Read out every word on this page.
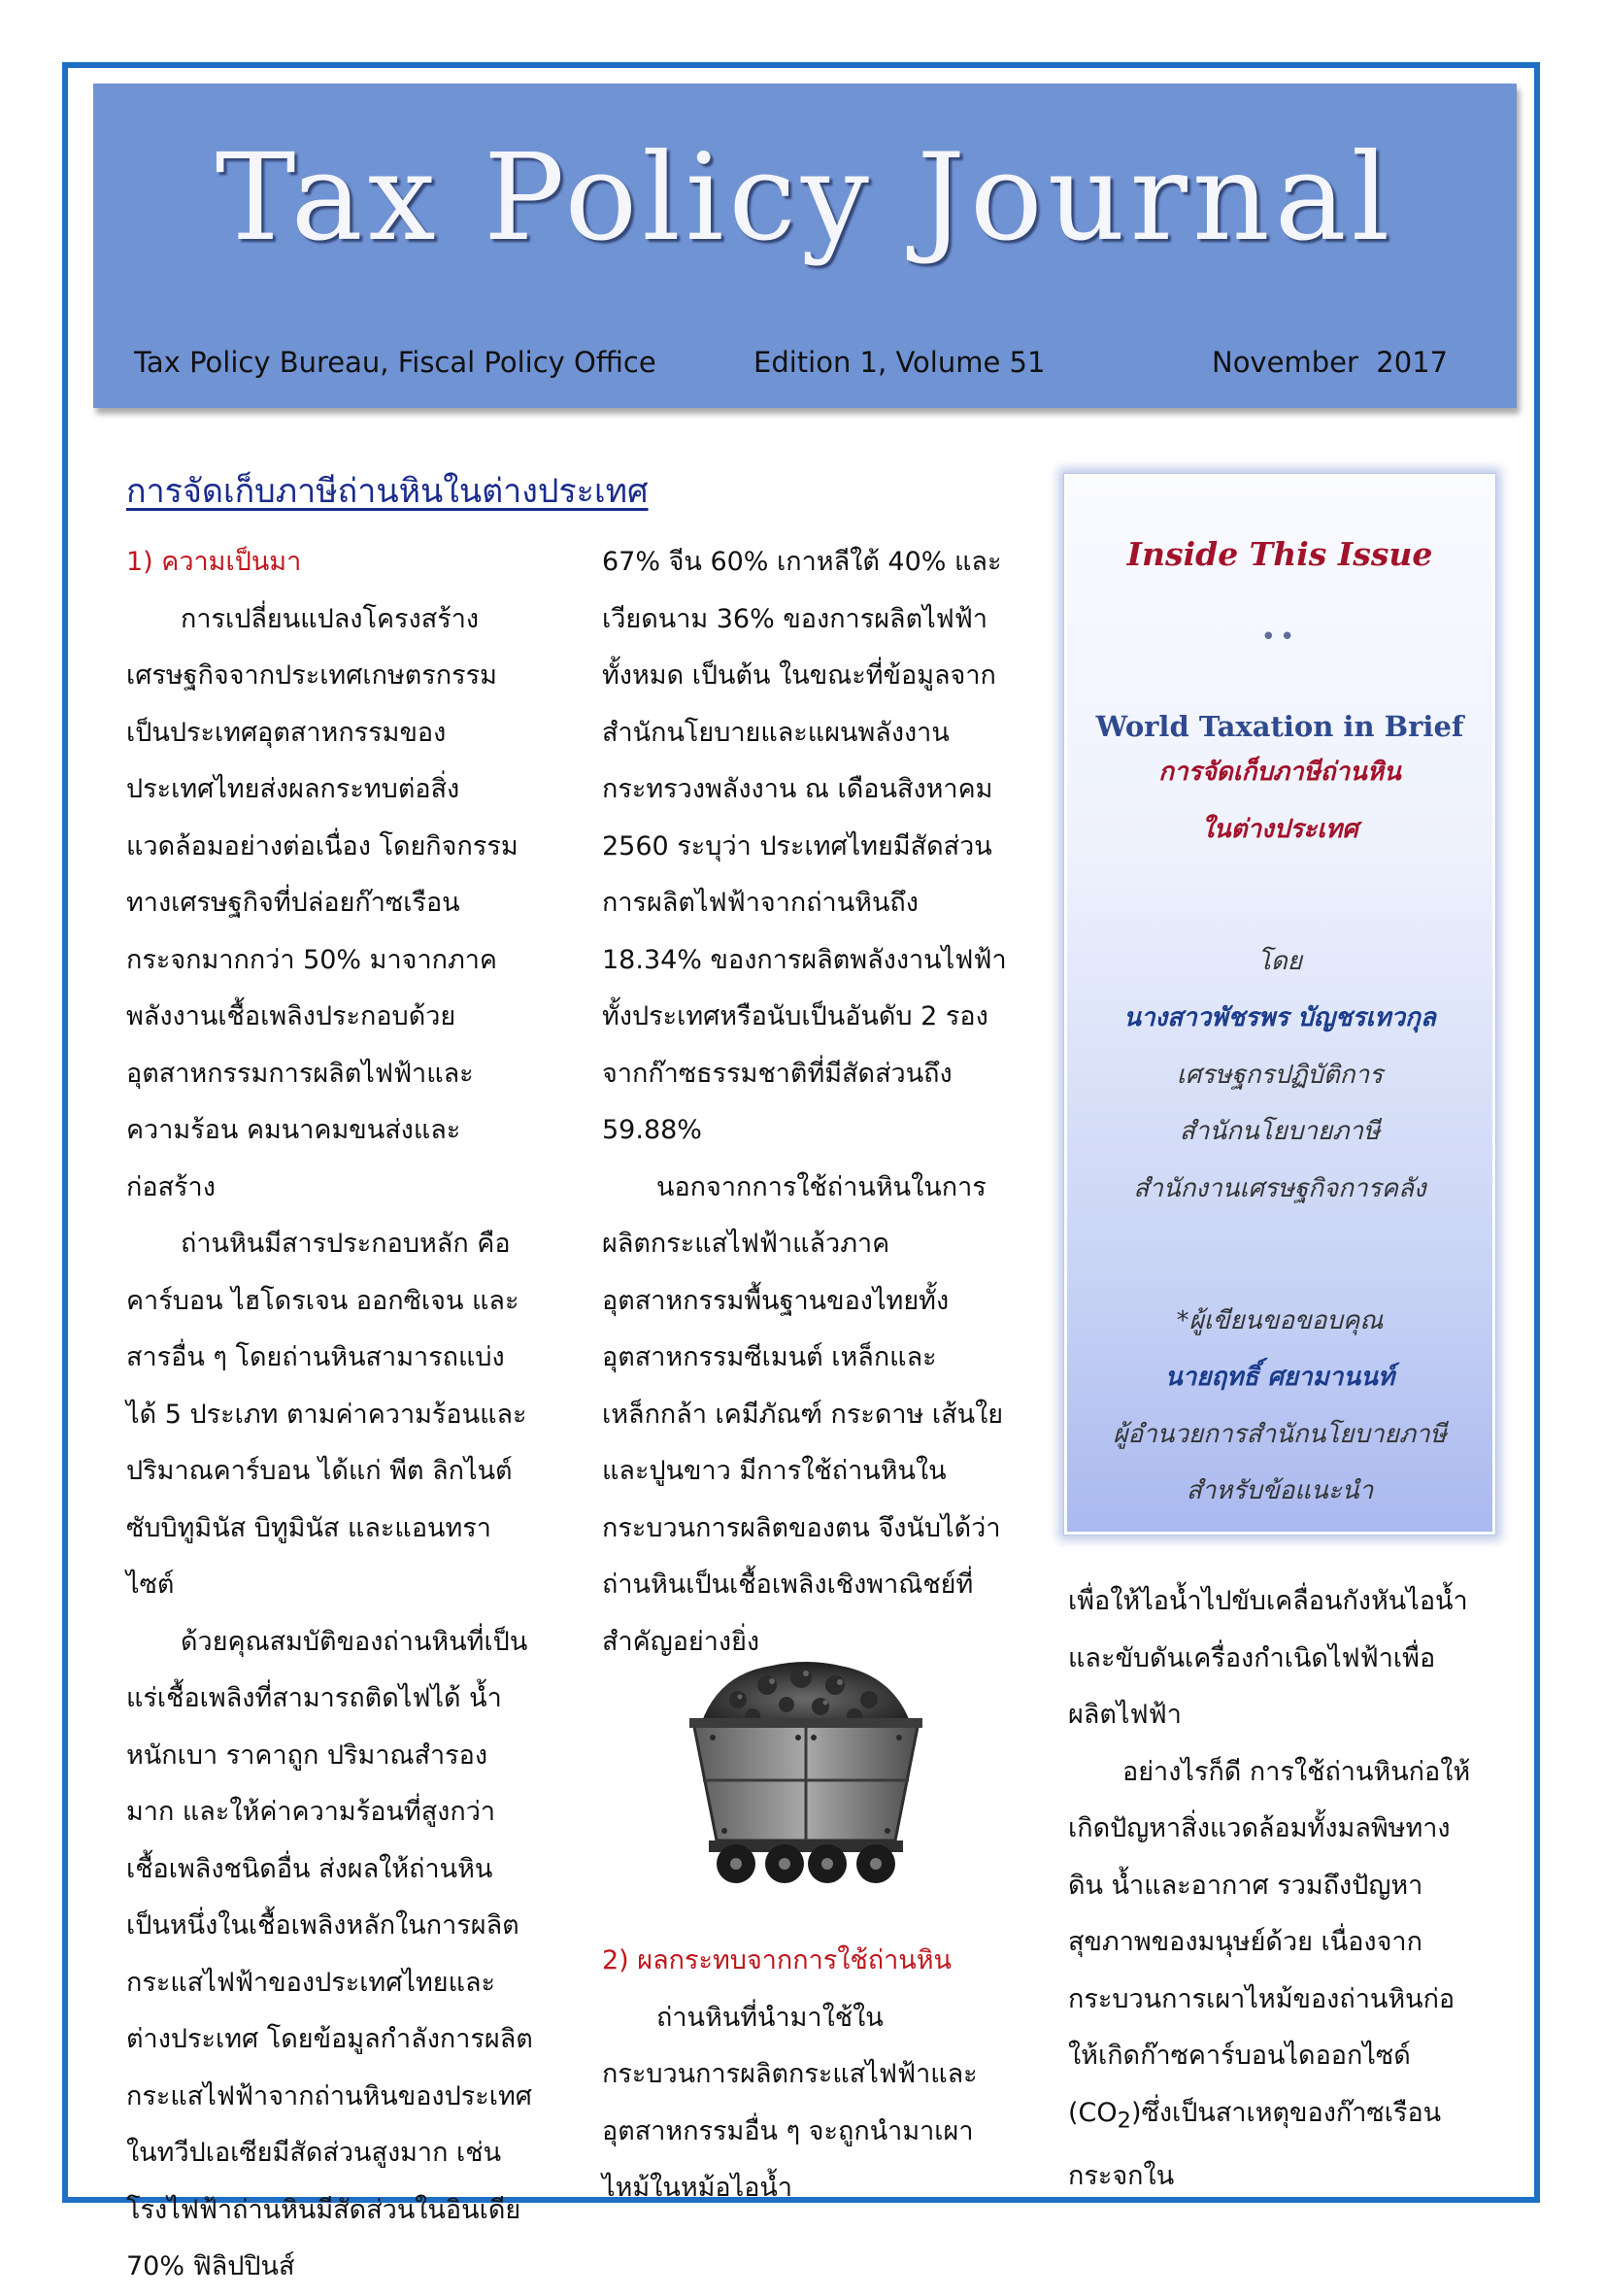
Tax Policy Journal
Tax Policy Bureau, Fiscal Policy Office	Edition 1, Volume 51	November  2017
การจัดเก็บภาษีถ่านหินในต่างประเทศ

1) ความเป็นมา

การเปลี่ยนแปลงโครงสร้างเศรษฐกิจจากประเทศเกษตรกรรมเป็นประเทศอุตสาหกรรมของประเทศไทยส่งผลกระทบต่อสิ่งแวดล้อมอย่างต่อเนื่อง โดยกิจกรรมทางเศรษฐกิจที่ปล่อยก๊าซเรือนกระจกมากกว่า 50% มาจากภาคพลังงานเชื้อเพลิงประกอบด้วยอุตสาหกรรมการผลิตไฟฟ้าและความร้อน คมนาคมขนส่งและก่อสร้าง

ถ่านหินมีสารประกอบหลัก คือคาร์บอน ไฮโดรเจน ออกซิเจน และสารอื่น ๆ โดยถ่านหินสามารถแบ่งได้ 5 ประเภท ตามค่าความร้อนและปริมาณคาร์บอน ได้แก่ พีต ลิกไนต์ซับบิทูมินัส บิทูมินัส และแอนทราไซต์

ด้วยคุณสมบัติของถ่านหินที่เป็นแร่เชื้อเพลิงที่สามารถติดไฟได้ น้ำหนักเบา ราคาถูก ปริมาณสำรองมาก และให้ค่าความร้อนที่สูงกว่าเชื้อเพลิงชนิดอื่น ส่งผลให้ถ่านหินเป็นหนึ่งในเชื้อเพลิงหลักในการผลิตกระแสไฟฟ้าของประเทศไทยและต่างประเทศ โดยข้อมูลกำลังการผลิตกระแสไฟฟ้าจากถ่านหินของประเทศในทวีปเอเซียมีสัดส่วนสูงมาก เช่น โรงไฟฟ้าถ่านหินมีสัดส่วนในอินเดีย 70% ฟิลิปปินส์

67% จีน 60% เกาหลีใต้ 40% และเวียดนาม 36% ของการผลิตไฟฟ้าทั้งหมด เป็นต้น ในขณะที่ข้อมูลจากสำนักนโยบายและแผนพลังงานกระทรวงพลังงาน ณ เดือนสิงหาคม 2560 ระบุว่า ประเทศไทยมีสัดส่วนการผลิตไฟฟ้าจากถ่านหินถึง 18.34% ของการผลิตพลังงานไฟฟ้าทั้งประเทศหรือนับเป็นอันดับ 2 รองจากก๊าซธรรมชาติที่มีสัดส่วนถึง 59.88%

นอกจากการใช้ถ่านหินในการผลิตกระแสไฟฟ้าแล้วภาคอุตสาหกรรมพื้นฐานของไทยทั้งอุตสาหกรรมซีเมนต์ เหล็กและเหล็กกล้า เคมีภัณฑ์ กระดาษ เส้นใยและปูนขาว มีการใช้ถ่านหินในกระบวนการผลิตของตน จึงนับได้ว่าถ่านหินเป็นเชื้อเพลิงเชิงพาณิชย์ที่สำคัญอย่างยิ่ง

2) ผลกระทบจากการใช้ถ่านหิน

ถ่านหินที่นำมาใช้ในกระบวนการผลิตกระแสไฟฟ้าและอุตสาหกรรมอื่น ๆ จะถูกนำมาเผาไหม้ในหม้อไอน้ำ

Inside This Issue
••
World Taxation in Brief
การจัดเก็บภาษีถ่านหิน
ในต่างประเทศ
โดย
นางสาวพัชรพร บัญชรเทวกุล
เศรษฐกรปฏิบัติการ
สำนักนโยบายภาษี
สำนักงานเศรษฐกิจการคลัง
*ผู้เขียนขอขอบคุณ
นายฤทธิ์ ศยามานนท์
ผู้อำนวยการสำนักนโยบายภาษี
สำหรับข้อแนะนำ

เพื่อให้ไอน้ำไปขับเคลื่อนกังหันไอน้ำและขับดันเครื่องกำเนิดไฟฟ้าเพื่อผลิตไฟฟ้า

อย่างไรก็ดี การใช้ถ่านหินก่อให้เกิดปัญหาสิ่งแวดล้อมทั้งมลพิษทางดิน น้ำและอากาศ รวมถึงปัญหาสุขภาพของมนุษย์ด้วย เนื่องจากกระบวนการเผาไหม้ของถ่านหินก่อให้เกิดก๊าซคาร์บอนไดออกไซด์ $(CO_2)$ซึ่งเป็นสาเหตุของก๊าซเรือนกระจกใน
